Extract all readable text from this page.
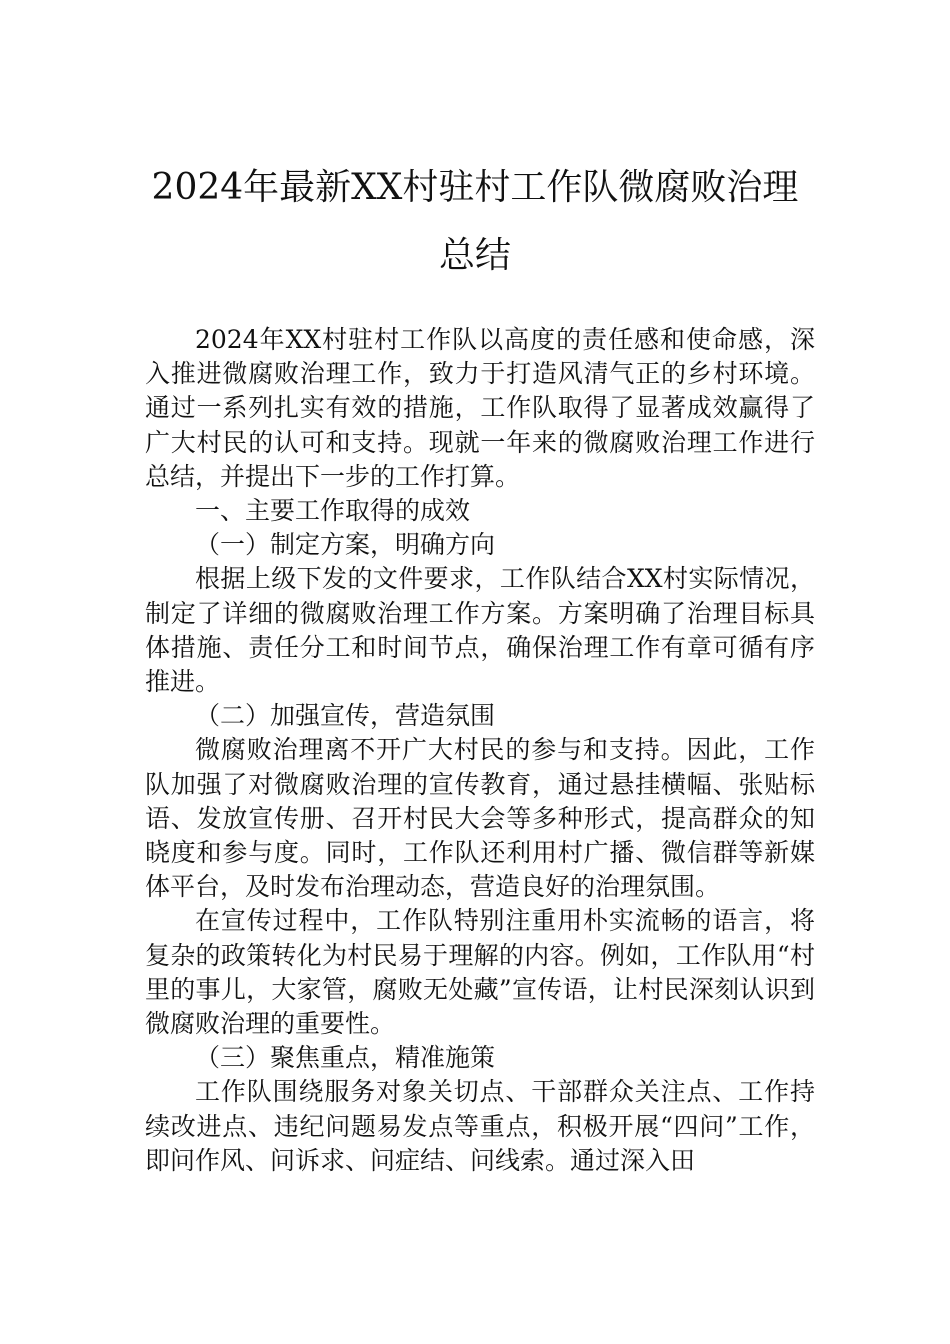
2024年最新XX村驻村工作队微腐败治理
总结

2024年XX村驻村工作队以高度的责任感和使命感，深入推进微腐败治理工作，致力于打造风清气正的乡村环境。通过一系列扎实有效的措施，工作队取得了显著成效赢得了广大村民的认可和支持。现就一年来的微腐败治理工作进行总结，并提出下一步的工作打算。

一、主要工作取得的成效

（一）制定方案，明确方向

根据上级下发的文件要求，工作队结合XX村实际情况，制定了详细的微腐败治理工作方案。方案明确了治理目标具体措施、责任分工和时间节点，确保治理工作有章可循有序推进。

（二）加强宣传，营造氛围

微腐败治理离不开广大村民的参与和支持。因此，工作队加强了对微腐败治理的宣传教育，通过悬挂横幅、张贴标语、发放宣传册、召开村民大会等多种形式，提高群众的知晓度和参与度。同时，工作队还利用村广播、微信群等新媒体平台，及时发布治理动态，营造良好的治理氛围。

在宣传过程中，工作队特别注重用朴实流畅的语言，将复杂的政策转化为村民易于理解的内容。例如，工作队用“村里的事儿，大家管，腐败无处藏”宣传语，让村民深刻认识到微腐败治理的重要性。

（三）聚焦重点，精准施策

工作队围绕服务对象关切点、干部群众关注点、工作持续改进点、违纪问题易发点等重点，积极开展“四问”工作，即问作风、问诉求、问症结、问线索。通过深入田
